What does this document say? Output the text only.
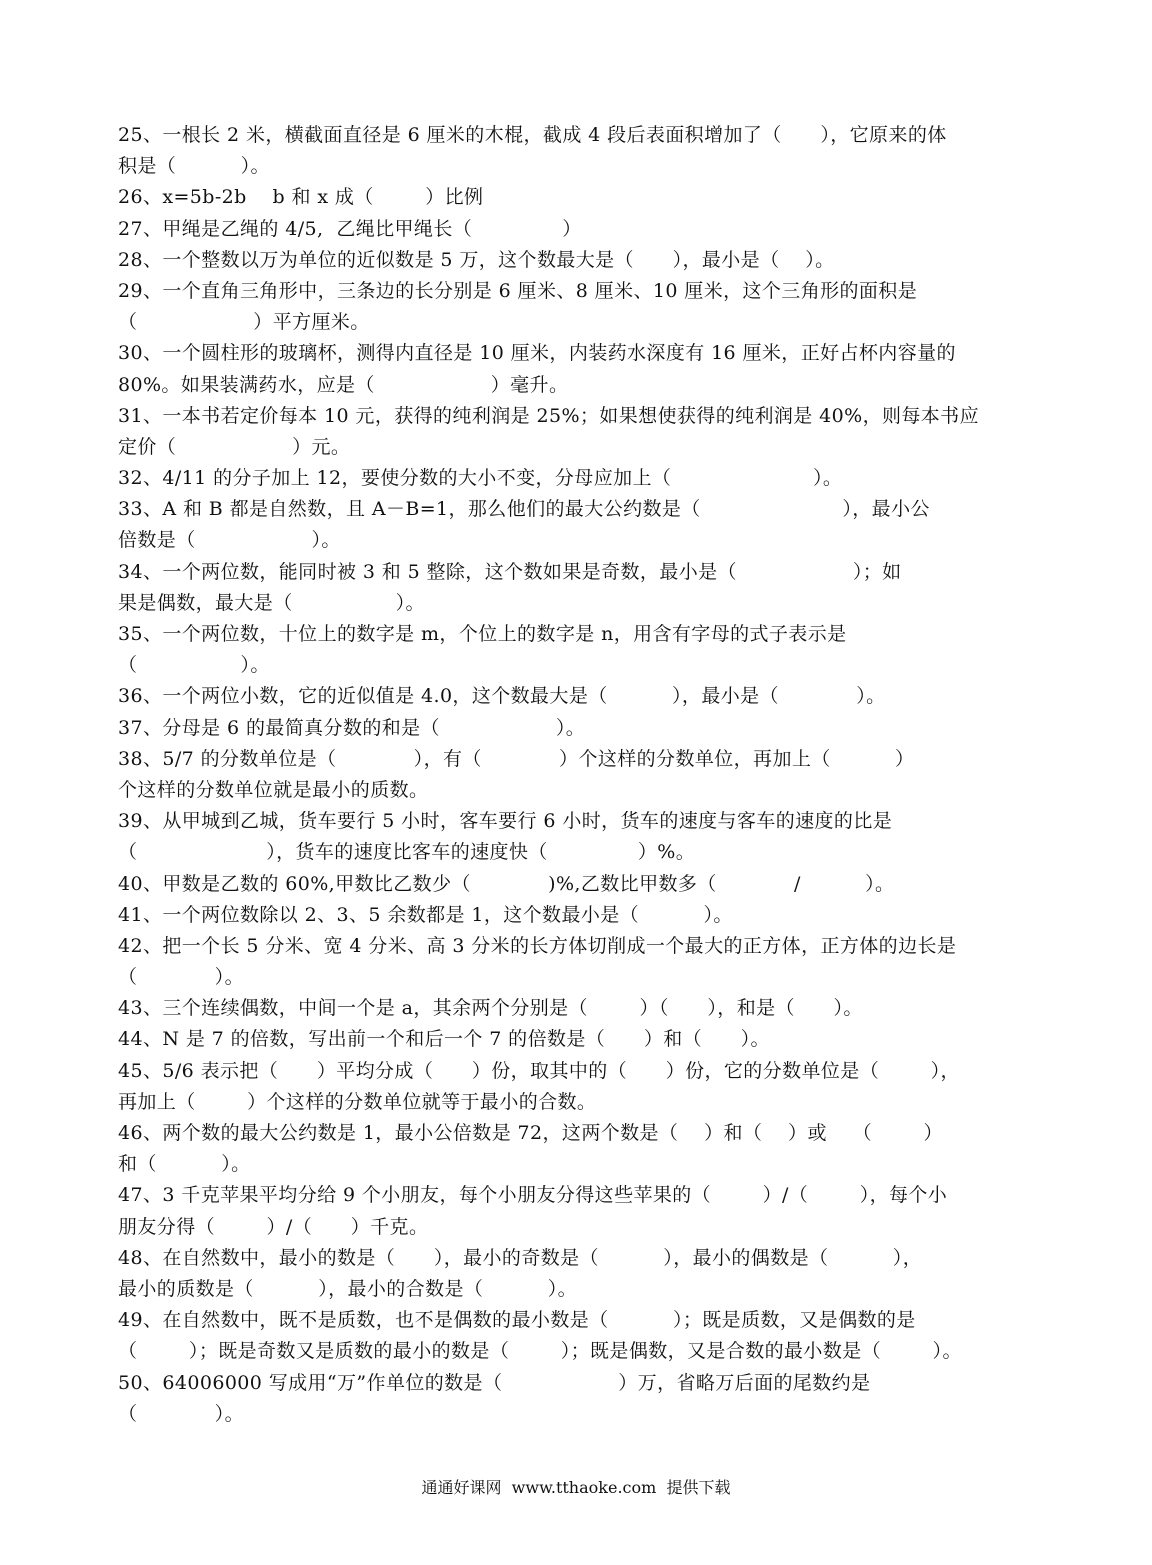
25、一根长 2 米，横截面直径是 6 厘米的木棍，截成 4 段后表面积增加了（      ），它原来的体
积是（          ）。
26、x=5b-2b    b 和 x 成（        ）比例
27、甲绳是乙绳的 4/5,  乙绳比甲绳长（              ）
28、一个整数以万为单位的近似数是 5 万，这个数最大是（      ），最小是（    ）。
29、一个直角三角形中，三条边的长分别是 6 厘米、8 厘米、10 厘米，这个三角形的面积是
（                  ）平方厘米。
30、一个圆柱形的玻璃杯，测得内直径是 10 厘米，内装药水深度有 16 厘米，正好占杯内容量的
80%。如果装满药水，应是（                  ）毫升。
31、一本书若定价每本 10 元，获得的纯利润是 25%；如果想使获得的纯利润是 40%，则每本书应
定价（                  ）元。
32、4/11 的分子加上 12，要使分数的大小不变，分母应加上（                      ）。
33、A 和 B 都是自然数，且 A－B=1，那么他们的最大公约数是（                      ），最小公
倍数是（                  ）。
34、一个两位数，能同时被 3 和 5 整除，这个数如果是奇数，最小是（                  ）；如
果是偶数，最大是（                ）。
35、一个两位数，十位上的数字是 m，个位上的数字是 n，用含有字母的式子表示是
（                ）。
36、一个两位小数，它的近似值是 4.0，这个数最大是（          ），最小是（            ）。
37、分母是 6 的最简真分数的和是（                  ）。
38、5/7 的分数单位是（            ），有（            ）个这样的分数单位，再加上（          ）
个这样的分数单位就是最小的质数。
39、从甲城到乙城，货车要行 5 小时，客车要行 6 小时，货车的速度与客车的速度的比是
（                    ），货车的速度比客车的速度快（              ）%。
40、甲数是乙数的 60%,甲数比乙数少（            )%,乙数比甲数多（            /          ）。
41、一个两位数除以 2、3、5 余数都是 1，这个数最小是（          ）。
42、把一个长 5 分米、宽 4 分米、高 3 分米的长方体切削成一个最大的正方体，正方体的边长是
（            ）。
43、三个连续偶数，中间一个是 a，其余两个分别是（        ）（      ），和是（      ）。
44、N 是 7 的倍数，写出前一个和后一个 7 的倍数是（      ）和（      ）。
45、5/6 表示把（      ）平均分成（      ）份，取其中的（      ）份，它的分数单位是（        ），
再加上（        ）个这样的分数单位就等于最小的合数。
46、两个数的最大公约数是 1，最小公倍数是 72，这两个数是（    ）和（    ）或    （        ）
和（          ）。
47、3 千克苹果平均分给 9 个小朋友，每个小朋友分得这些苹果的（        ）/（        ），每个小
朋友分得（        ）/（      ）千克。
48、在自然数中，最小的数是（      ），最小的奇数是（          ），最小的偶数是（          ），
最小的质数是（          ），最小的合数是（          ）。
49、在自然数中，既不是质数，也不是偶数的最小数是（          ）；既是质数，又是偶数的是
（        ）；既是奇数又是质数的最小的数是（        ）；既是偶数，又是合数的最小数是（        ）。
50、64006000 写成用“万”作单位的数是（                  ）万，省略万后面的尾数约是
（            ）。
通通好课网  www.tthaoke.com  提供下载
